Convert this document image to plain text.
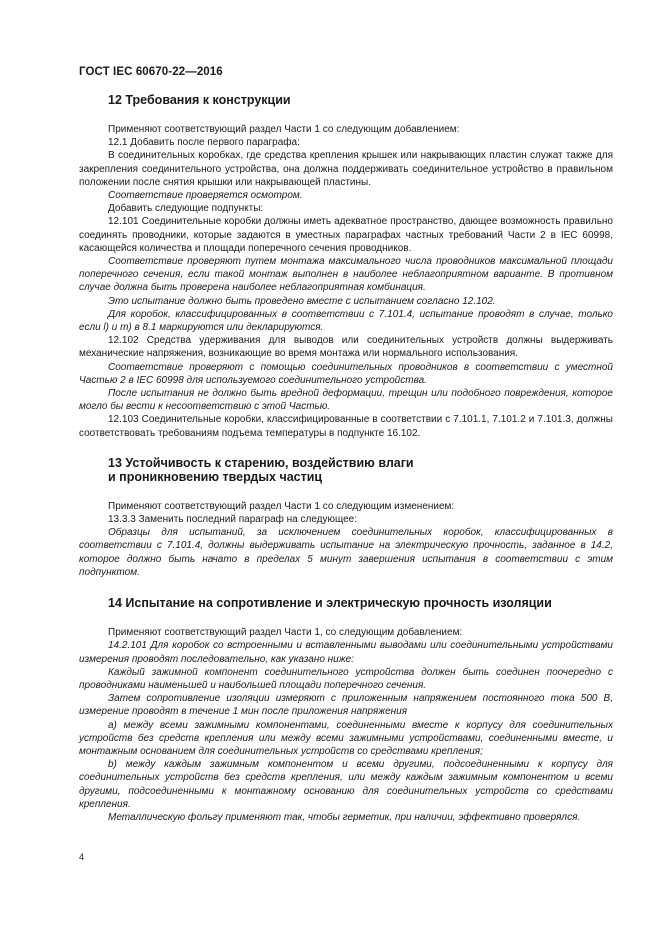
ГОСТ IEC 60670-22—2016
12 Требования к конструкции

Применяют соответствующий раздел Части 1 со следующим добавлением:

12.1 Добавить после первого параграфа:

В соединительных коробках, где средства крепления крышек или накрывающих пластин служат также для закрепления соединительного устройства, она должна поддерживать соединительное устройство в правильном положении после снятия крышки или накрывающей пластины.

Соответствие проверяется осмотром.

Добавить следующие подпункты:

12.101 Соединительные коробки должны иметь адекватное пространство, дающее возможность правильно соединять проводники, которые задаются в уместных параграфах частных требований Части 2 в IEC 60998, касающейся количества и площади поперечного сечения проводников.

Соответствие проверяют путем монтажа максимального числа проводников максимальной площади поперечного сечения, если такой монтаж выполнен в наиболее неблагоприятном варианте. В противном случае должна быть проверена наиболее неблагоприятная комбинация.

Это испытание должно быть проведено вместе с испытанием согласно 12.102.

Для коробок, классифицированных в соответствии с 7.101.4, испытание проводят в случае, только если l) и m) в 8.1 маркируются или декларируются.

12.102 Средства удерживания для выводов или соединительных устройств должны выдерживать механические напряжения, возникающие во время монтажа или нормального использования.

Соответствие проверяют с помощью соединительных проводников в соответствии с уместной Частью 2 в IEC 60998 для используемого соединительного устройства.

После испытания не должно быть вредной деформации, трещин или подобного повреждения, которое могло бы вести к несоответствию с этой Частью.

12.103 Соединительные коробки, классифицированные в соответствии с 7.101.1, 7.101.2 и 7.101.3, должны соответствовать требованиям подъема температуры в подпункте 16.102.

13 Устойчивость к старению, воздействию влаги
и проникновению твердых частиц

Применяют соответствующий раздел Части 1 со следующим изменением:

13.3.3 Заменить последний параграф на следующее:

Образцы для испытаний, за исключением соединительных коробок, классифицированных в соответствии с 7.101.4, должны выдерживать испытание на электрическую прочность, заданное в 14.2, которое должно быть начато в пределах 5 минут завершения испытания в соответствии с этим подпунктом.

14 Испытание на сопротивление и электрическую прочность изоляции

Применяют соответствующий раздел Части 1, со следующим добавлением:

14.2.101 Для коробок со встроенными и вставленными выводами или соединительными устройствами измерения проводят последовательно, как указано ниже:

Каждый зажимной компонент соединительного устройства должен быть соединен поочередно с проводниками наименьшей и наибольшей площади поперечного сечения.

Затем сопротивление изоляции измеряют с приложенным напряжением постоянного тока 500 В, измерение проводят в течение 1 мин после приложения напряжения

a) между всеми зажимными компонентами, соединенными вместе к корпусу для соединительных устройств без средств крепления или между всеми зажимными устройствами, соединенными вместе, и монтажным основанием для соединительных устройств со средствами крепления;

b) между каждым зажимным компонентом и всеми другими, подсоединенными к корпусу для соединительных устройств без средств крепления, или между каждым зажимным компонентом и всеми другими, подсоединенными к монтажному основанию для соединительных устройств со средствами крепления.

Металлическую фольгу применяют так, чтобы герметик, при наличии, эффективно проверялся.

4
